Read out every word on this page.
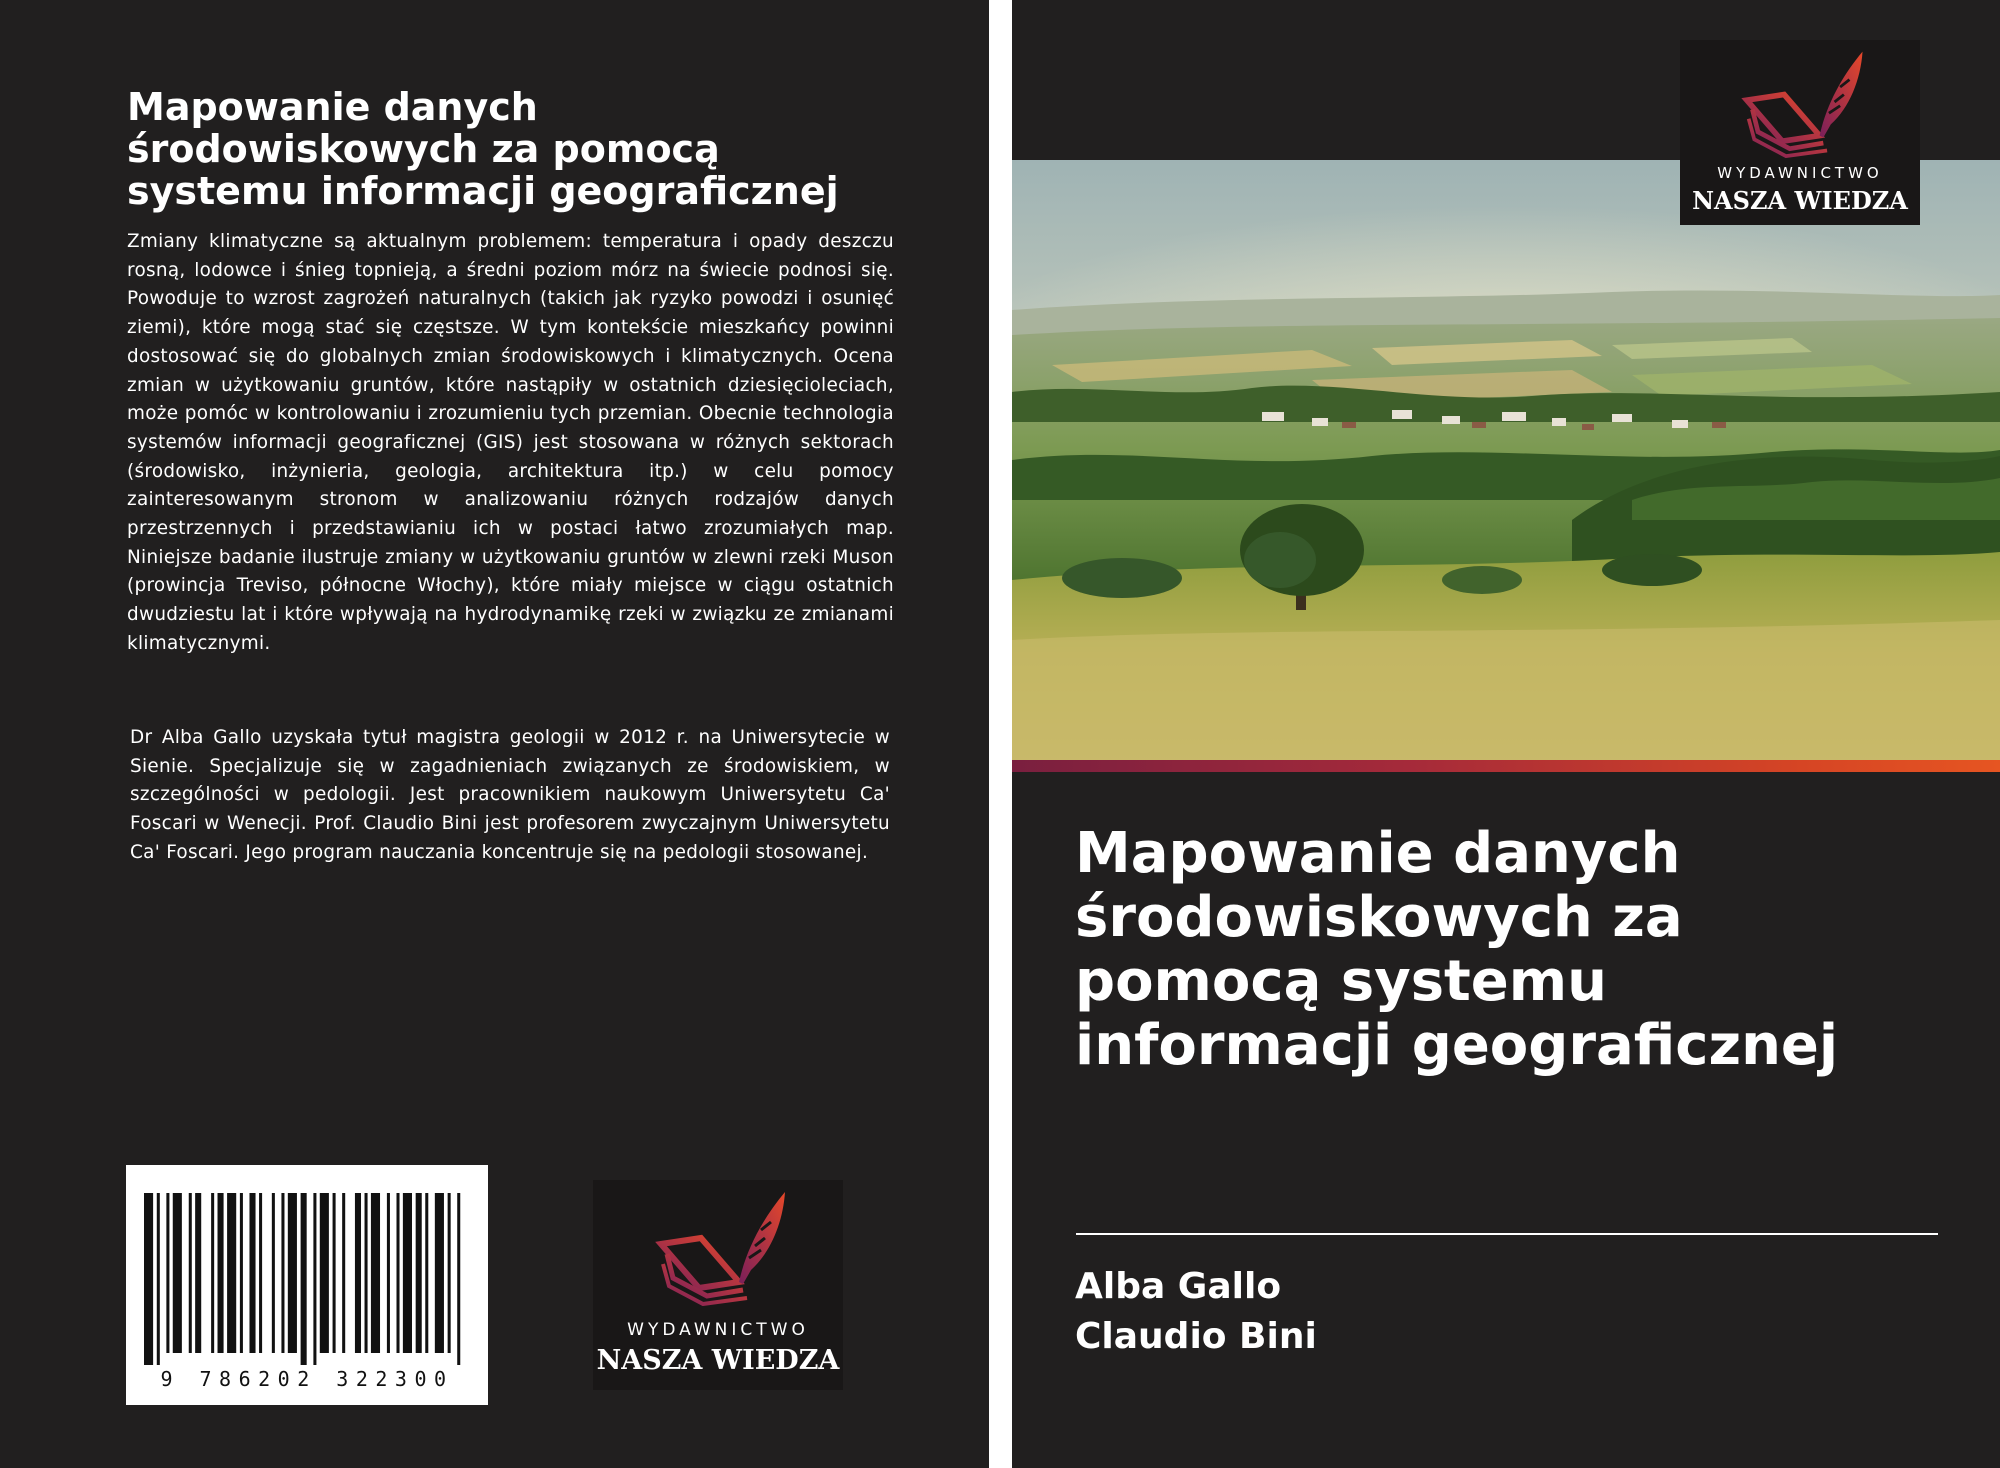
Mapowanie danych
środowiskowych za pomocą
systemu informacji geograficznej

Zmiany klimatyczne są aktualnym problemem: temperatura i opady deszczu rosną, lodowce i śnieg topnieją, a średni poziom mórz na świecie podnosi się. Powoduje to wzrost zagrożeń naturalnych (takich jak ryzyko powodzi i osunięć ziemi), które mogą stać się częstsze. W tym kontekście mieszkańcy powinni dostosować się do globalnych zmian środowiskowych i klimatycznych. Ocena zmian w użytkowaniu gruntów, które nastąpiły w ostatnich dziesięcioleciach, może pomóc w kontrolowaniu i zrozumieniu tych przemian. Obecnie technologia systemów informacji geograficznej (GIS) jest stosowana w różnych sektorach (środowisko, inżynieria, geologia, architektura itp.) w celu pomocy zainteresowanym stronom w analizowaniu różnych rodzajów danych przestrzennych i przedstawianiu ich w postaci łatwo zrozumiałych map. Niniejsze badanie ilustruje zmiany w użytkowaniu gruntów w zlewni rzeki Muson (prowincja Treviso, północne Włochy), które miały miejsce w ciągu ostatnich dwudziestu lat i które wpływają na hydrodynamikę rzeki w związku ze zmianami klimatycznymi.

Dr Alba Gallo uzyskała tytuł magistra geologii w 2012 r. na Uniwersytecie w Sienie. Specjalizuje się w zagadnieniach związanych ze środowiskiem, w szczególności w pedologii. Jest pracownikiem naukowym Uniwersytetu Ca' Foscari w Wenecji. Prof. Claudio Bini jest profesorem zwyczajnym Uniwersytetu Ca' Foscari. Jego program nauczania koncentruje się na pedologii stosowanej.

9 786202 322300
WYDAWNICTWO
NASZA WIEDZA
WYDAWNICTWO
NASZA WIEDZA
Mapowanie danych
środowiskowych za
pomocą systemu
informacji geograficznej

Alba Gallo

Claudio Bini
